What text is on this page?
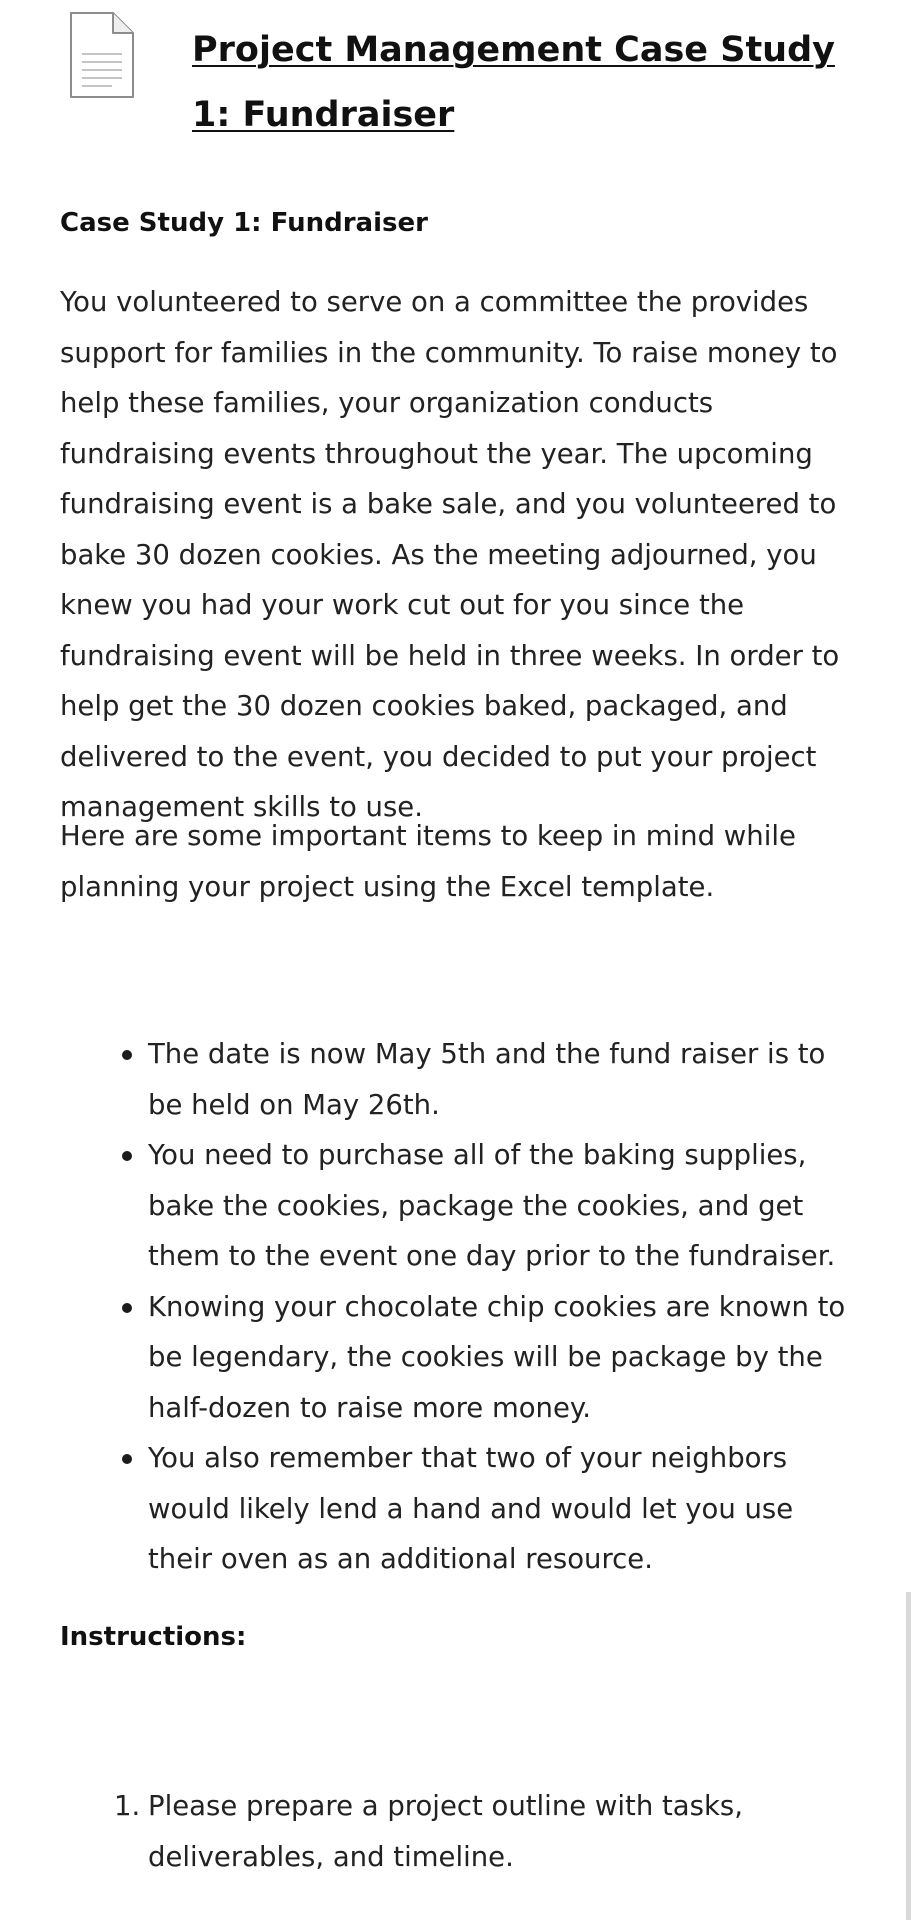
Project Management Case Study 1: Fundraiser
Case Study 1: Fundraiser

You volunteered to serve on a committee the provides support for families in the community. To raise money to help these families, your organization conducts fundraising events throughout the year. The upcoming fundraising event is a bake sale, and you volunteered to bake 30 dozen cookies. As the meeting adjourned, you knew you had your work cut out for you since the fundraising event will be held in three weeks. In order to help get the 30 dozen cookies baked, packaged, and delivered to the event, you decided to put your project management skills to use.

Here are some important items to keep in mind while planning your project using the Excel template.

The date is now May 5th and the fund raiser is to be held on May 26th.
You need to purchase all of the baking supplies, bake the cookies, package the cookies, and get them to the event one day prior to the fundraiser.
Knowing your chocolate chip cookies are known to be legendary, the cookies will be package by the half-dozen to raise more money.
You also remember that two of your neighbors would likely lend a hand and would let you use their oven as an additional resource.
Instructions:
1. Please prepare a project outline with tasks, deliverables, and timeline.
